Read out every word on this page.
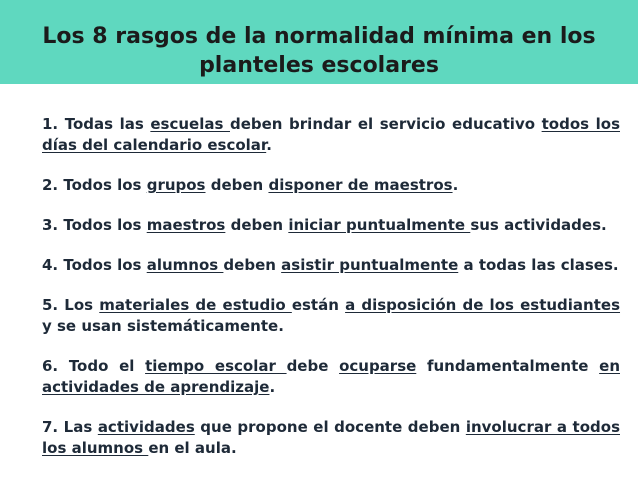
Los 8 rasgos de la normalidad mínima en los planteles escolares

1. Todas las escuelas deben brindar el servicio educativo todos los días del calendario escolar.

2. Todos los grupos deben disponer de maestros.

3. Todos los maestros deben iniciar puntualmente sus actividades.

4. Todos los alumnos deben asistir puntualmente a todas las clases.

5. Los materiales de estudio están a disposición de los estudiantes y se usan sistemáticamente.

6. Todo el tiempo escolar debe ocuparse fundamentalmente en actividades de aprendizaje.

7. Las actividades que propone el docente deben involucrar a todos los alumnos en el aula.
